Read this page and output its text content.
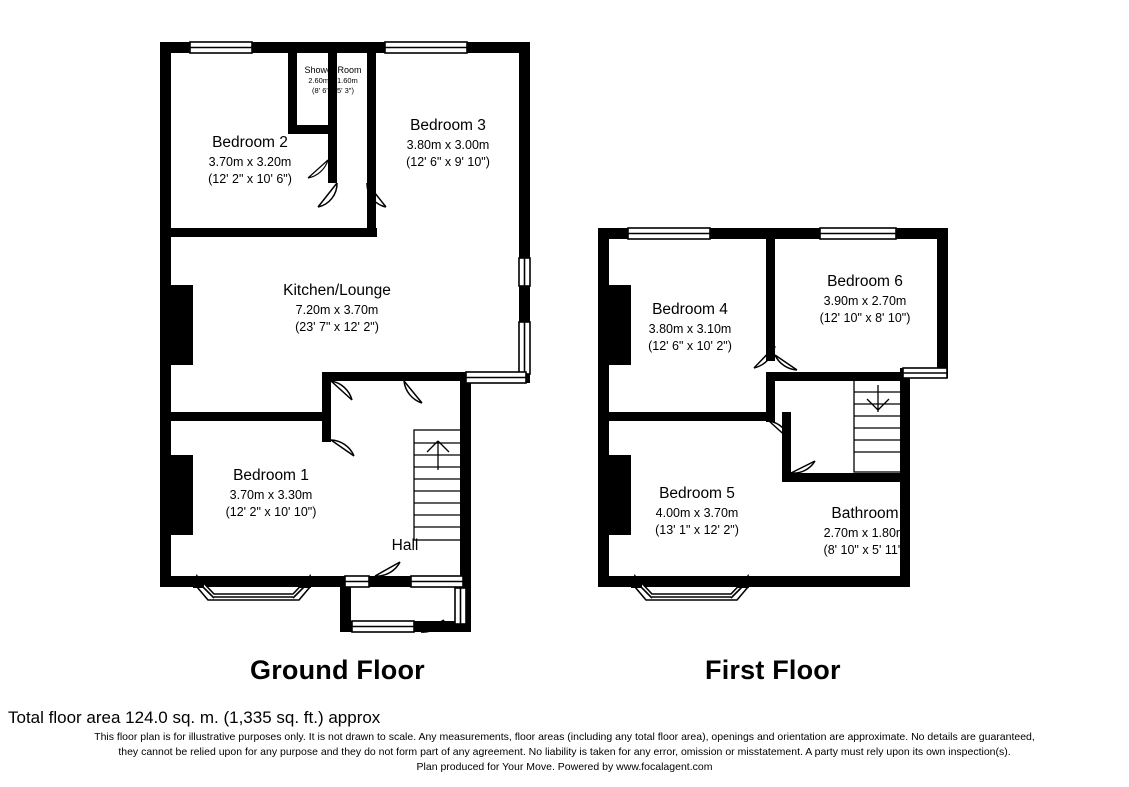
Ground Floor	First Floor
Shower Room
2.60m x 1.60m
(8' 6" x 5' 3")
Bedroom 2
3.70m x 3.20m
(12' 2" x 10' 6")
Bedroom 3
3.80m x 3.00m
(12' 6" x 9' 10")
Kitchen/Lounge
7.20m x 3.70m
(23' 7" x 12' 2")
Bedroom 1
3.70m x 3.30m
(12' 2" x 10' 10")
Hall
Bedroom 6
3.90m x 2.70m
(12' 10" x 8' 10")
Bedroom 4
3.80m x 3.10m
(12' 6" x 10' 2")
Bedroom 5
4.00m x 3.70m
(13' 1" x 12' 2")
Bathroom
2.70m x 1.80m
(8' 10" x 5' 11")
Total floor area 124.0 sq. m. (1,335 sq. ft.) approx
This floor plan is for illustrative purposes only. It is not drawn to scale. Any measurements, floor areas (including any total floor area), openings and orientation are approximate. No details are guaranteed,
they cannot be relied upon for any purpose and they do not form part of any agreement. No liability is taken for any error, omission or misstatement. A party must rely upon its own inspection(s).
Plan produced for Your Move. Powered by www.focalagent.com
